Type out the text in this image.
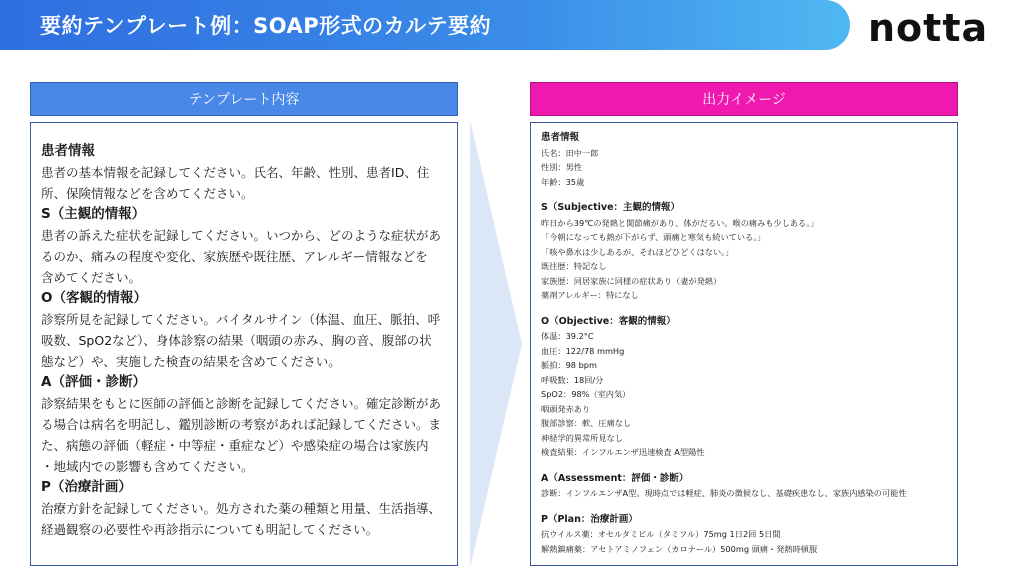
要約テンプレート例：SOAP形式のカルテ要約	notta
テンプレート内容	出力イメージ

患者情報

患者の基本情報を記録してください。氏名、年齢、性別、患者ID、住

所、保険情報などを含めてください。

S（主観的情報）

患者の訴えた症状を記録してください。いつから、どのような症状があ

るのか、痛みの程度や変化、家族歴や既往歴、アレルギー情報などを

含めてください。

O（客観的情報）

診察所見を記録してください。バイタルサイン（体温、血圧、脈拍、呼

吸数、SpO2など）、身体診察の結果（咽頭の赤み、胸の音、腹部の状

態など）や、実施した検査の結果を含めてください。

A（評価・診断）

診察結果をもとに医師の評価と診断を記録してください。確定診断があ

る場合は病名を明記し、鑑別診断の考察があれば記録してください。ま

た、病態の評価（軽症・中等症・重症など）や感染症の場合は家族内

・地域内での影響も含めてください。

P（治療計画）

治療方針を記録してください。処方された薬の種類と用量、生活指導、

経過観察の必要性や再診指示についても明記してください。

患者情報

氏名：田中一郎

性別：男性

年齢：35歳

S（Subjective：主観的情報）

昨日から39℃の発熱と関節痛があり、体がだるい。喉の痛みも少しある。」

「今朝になっても熱が下がらず、頭痛と寒気も続いている。」

「咳や鼻水は少しあるが、それほどひどくはない。」

既往歴：特記なし

家族歴：同居家族に同様の症状あり（妻が発熱）

薬剤アレルギー：特になし

O（Objective：客観的情報）

体温：39.2°C

血圧：122/78 mmHg

脈拍：98 bpm

呼吸数：18回/分

SpO2：98%（室内気）

咽頭発赤あり

腹部診察：軟、圧痛なし

神経学的異常所見なし

検査結果：インフルエンザ迅速検査 A型陽性

A（Assessment：評価・診断）

診断：インフルエンザA型。現時点では軽症、肺炎の徴候なし、基礎疾患なし、家族内感染の可能性

P（Plan：治療計画）

抗ウイルス薬：オセルタミビル（タミフル）75mg 1日2回 5日間

解熱鎮痛薬：アセトアミノフェン（カロナール）500mg 頭痛・発熱時頓服
